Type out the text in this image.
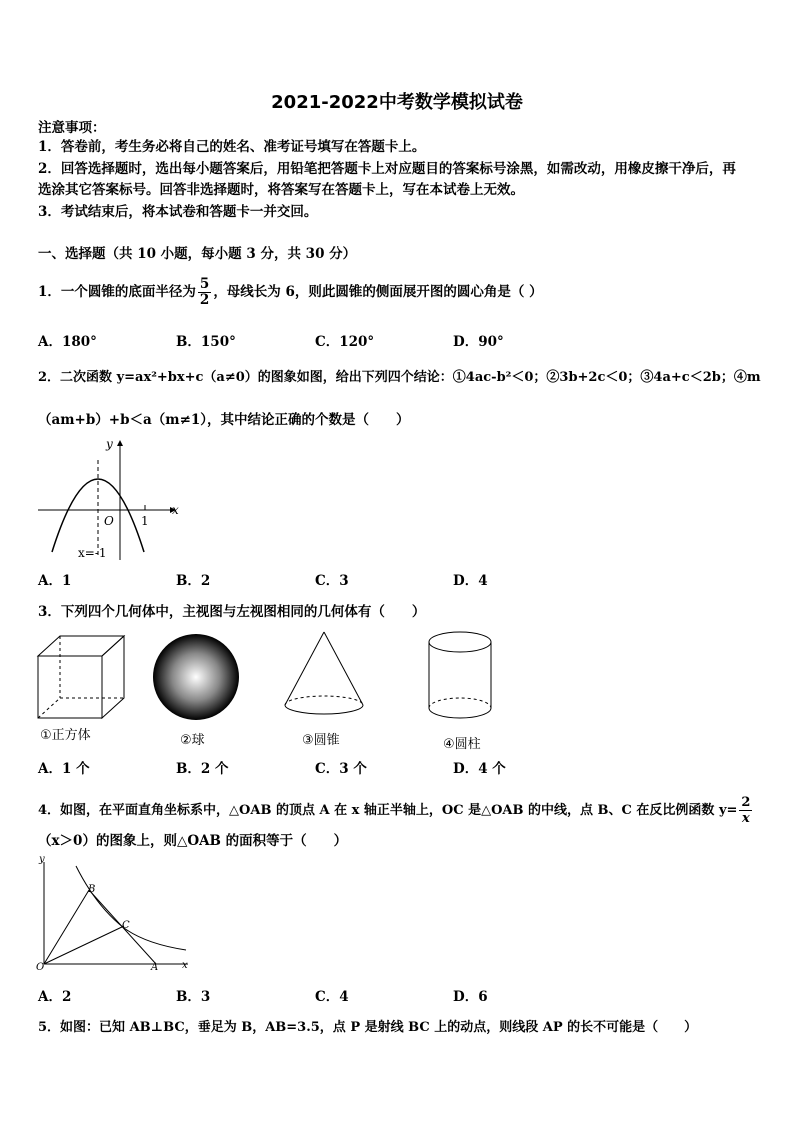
2021-2022中考数学模拟试卷
注意事项：
1．答卷前，考生务必将自己的姓名、准考证号填写在答题卡上。
2．回答选择题时，选出每小题答案后，用铅笔把答题卡上对应题目的答案标号涂黑，如需改动，用橡皮擦干净后，再
选涂其它答案标号。回答非选择题时，将答案写在答题卡上，写在本试卷上无效。
3．考试结束后，将本试卷和答题卡一并交回。
一、选择题（共 10 小题，每小题 3 分，共 30 分）
1．一个圆锥的底面半径为 $\frac{5}{2}$ ，母线长为 6，则此圆锥的侧面展开图的圆心角是（ ）
A．180°	B．150°	C．120°	D．90°
2．二次函数 y=ax²+bx+c（a≠0）的图象如图，给出下列四个结论：①4ac-b²＜0；②3b+2c＜0；③4a+c＜2b；④m
（am+b）+b＜a（m≠1），其中结论正确的个数是（　　）
y
x
O 1
x=-1
A．1	B．2	C．3	D．4
3．下列四个几何体中，主视图与左视图相同的几何体有（　　）
①正方体	②球	③圆锥	④圆柱
A．1 个	B．2 个	C．3 个	D．4 个
4．如图，在平面直角坐标系中，△OAB 的顶点 A 在 x 轴正半轴上，OC 是△OAB 的中线，点 B、C 在反比例函数 $y= \frac{2}{x}$
（x＞0）的图象上，则△OAB 的面积等于（　　）
y
x
O	A
B
C
A．2	B．3	C．4	D．6
5．如图：已知 AB⊥BC，垂足为 B，AB=3.5，点 P 是射线 BC 上的动点，则线段 AP 的长不可能是（　　）
